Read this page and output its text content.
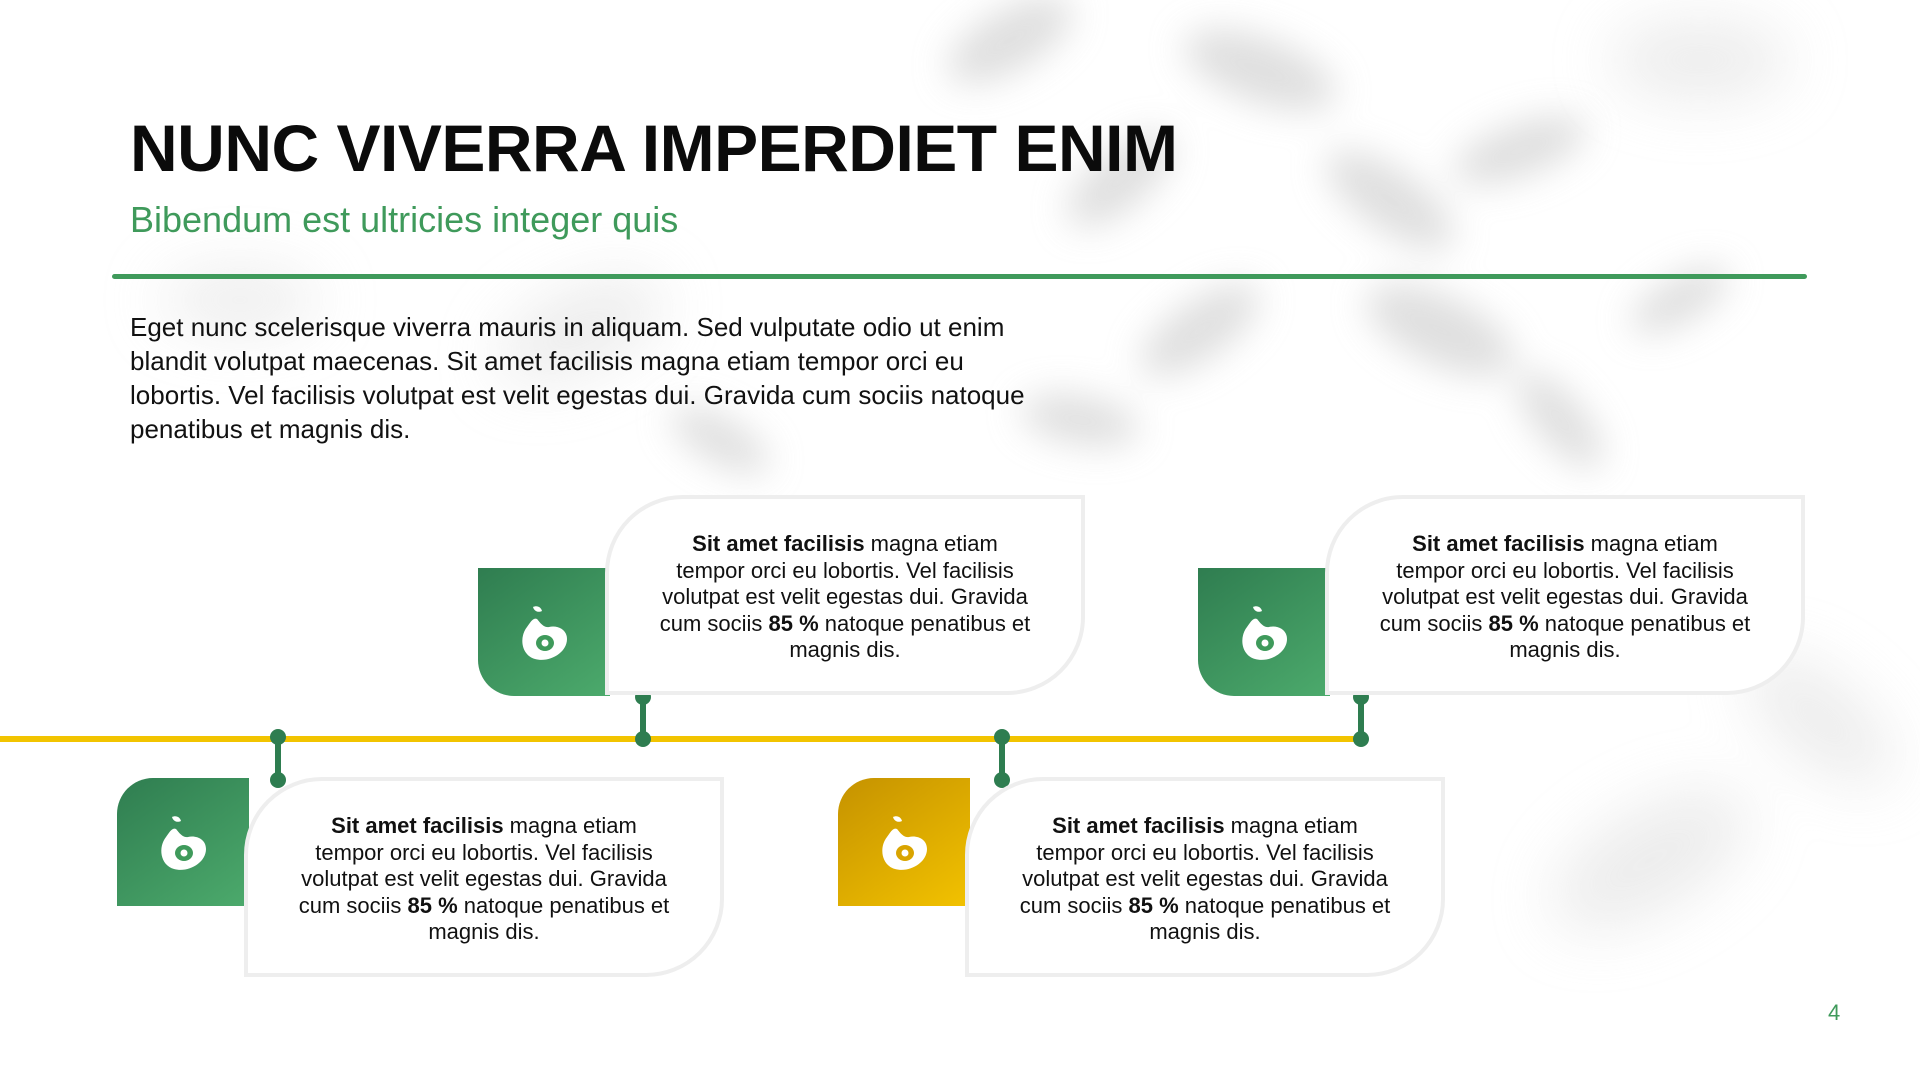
NUNC VIVERRA IMPERDIET ENIM
Bibendum est ultricies integer quis
Eget nunc scelerisque viverra mauris in aliquam. Sed vulputate odio ut enim blandit volutpat maecenas. Sit amet facilisis magna etiam tempor orci eu lobortis. Vel facilisis volutpat est velit egestas dui. Gravida cum sociis natoque penatibus et magnis dis.
Sit amet facilisis magna etiam tempor orci eu lobortis. Vel facilisis volutpat est velit egestas dui. Gravida cum sociis 85 % natoque penatibus et magnis dis.
Sit amet facilisis magna etiam tempor orci eu lobortis. Vel facilisis volutpat est velit egestas dui. Gravida cum sociis 85 % natoque penatibus et magnis dis.
Sit amet facilisis magna etiam tempor orci eu lobortis. Vel facilisis volutpat est velit egestas dui. Gravida cum sociis 85 % natoque penatibus et magnis dis.
Sit amet facilisis magna etiam tempor orci eu lobortis. Vel facilisis volutpat est velit egestas dui. Gravida cum sociis 85 % natoque penatibus et magnis dis.
4
